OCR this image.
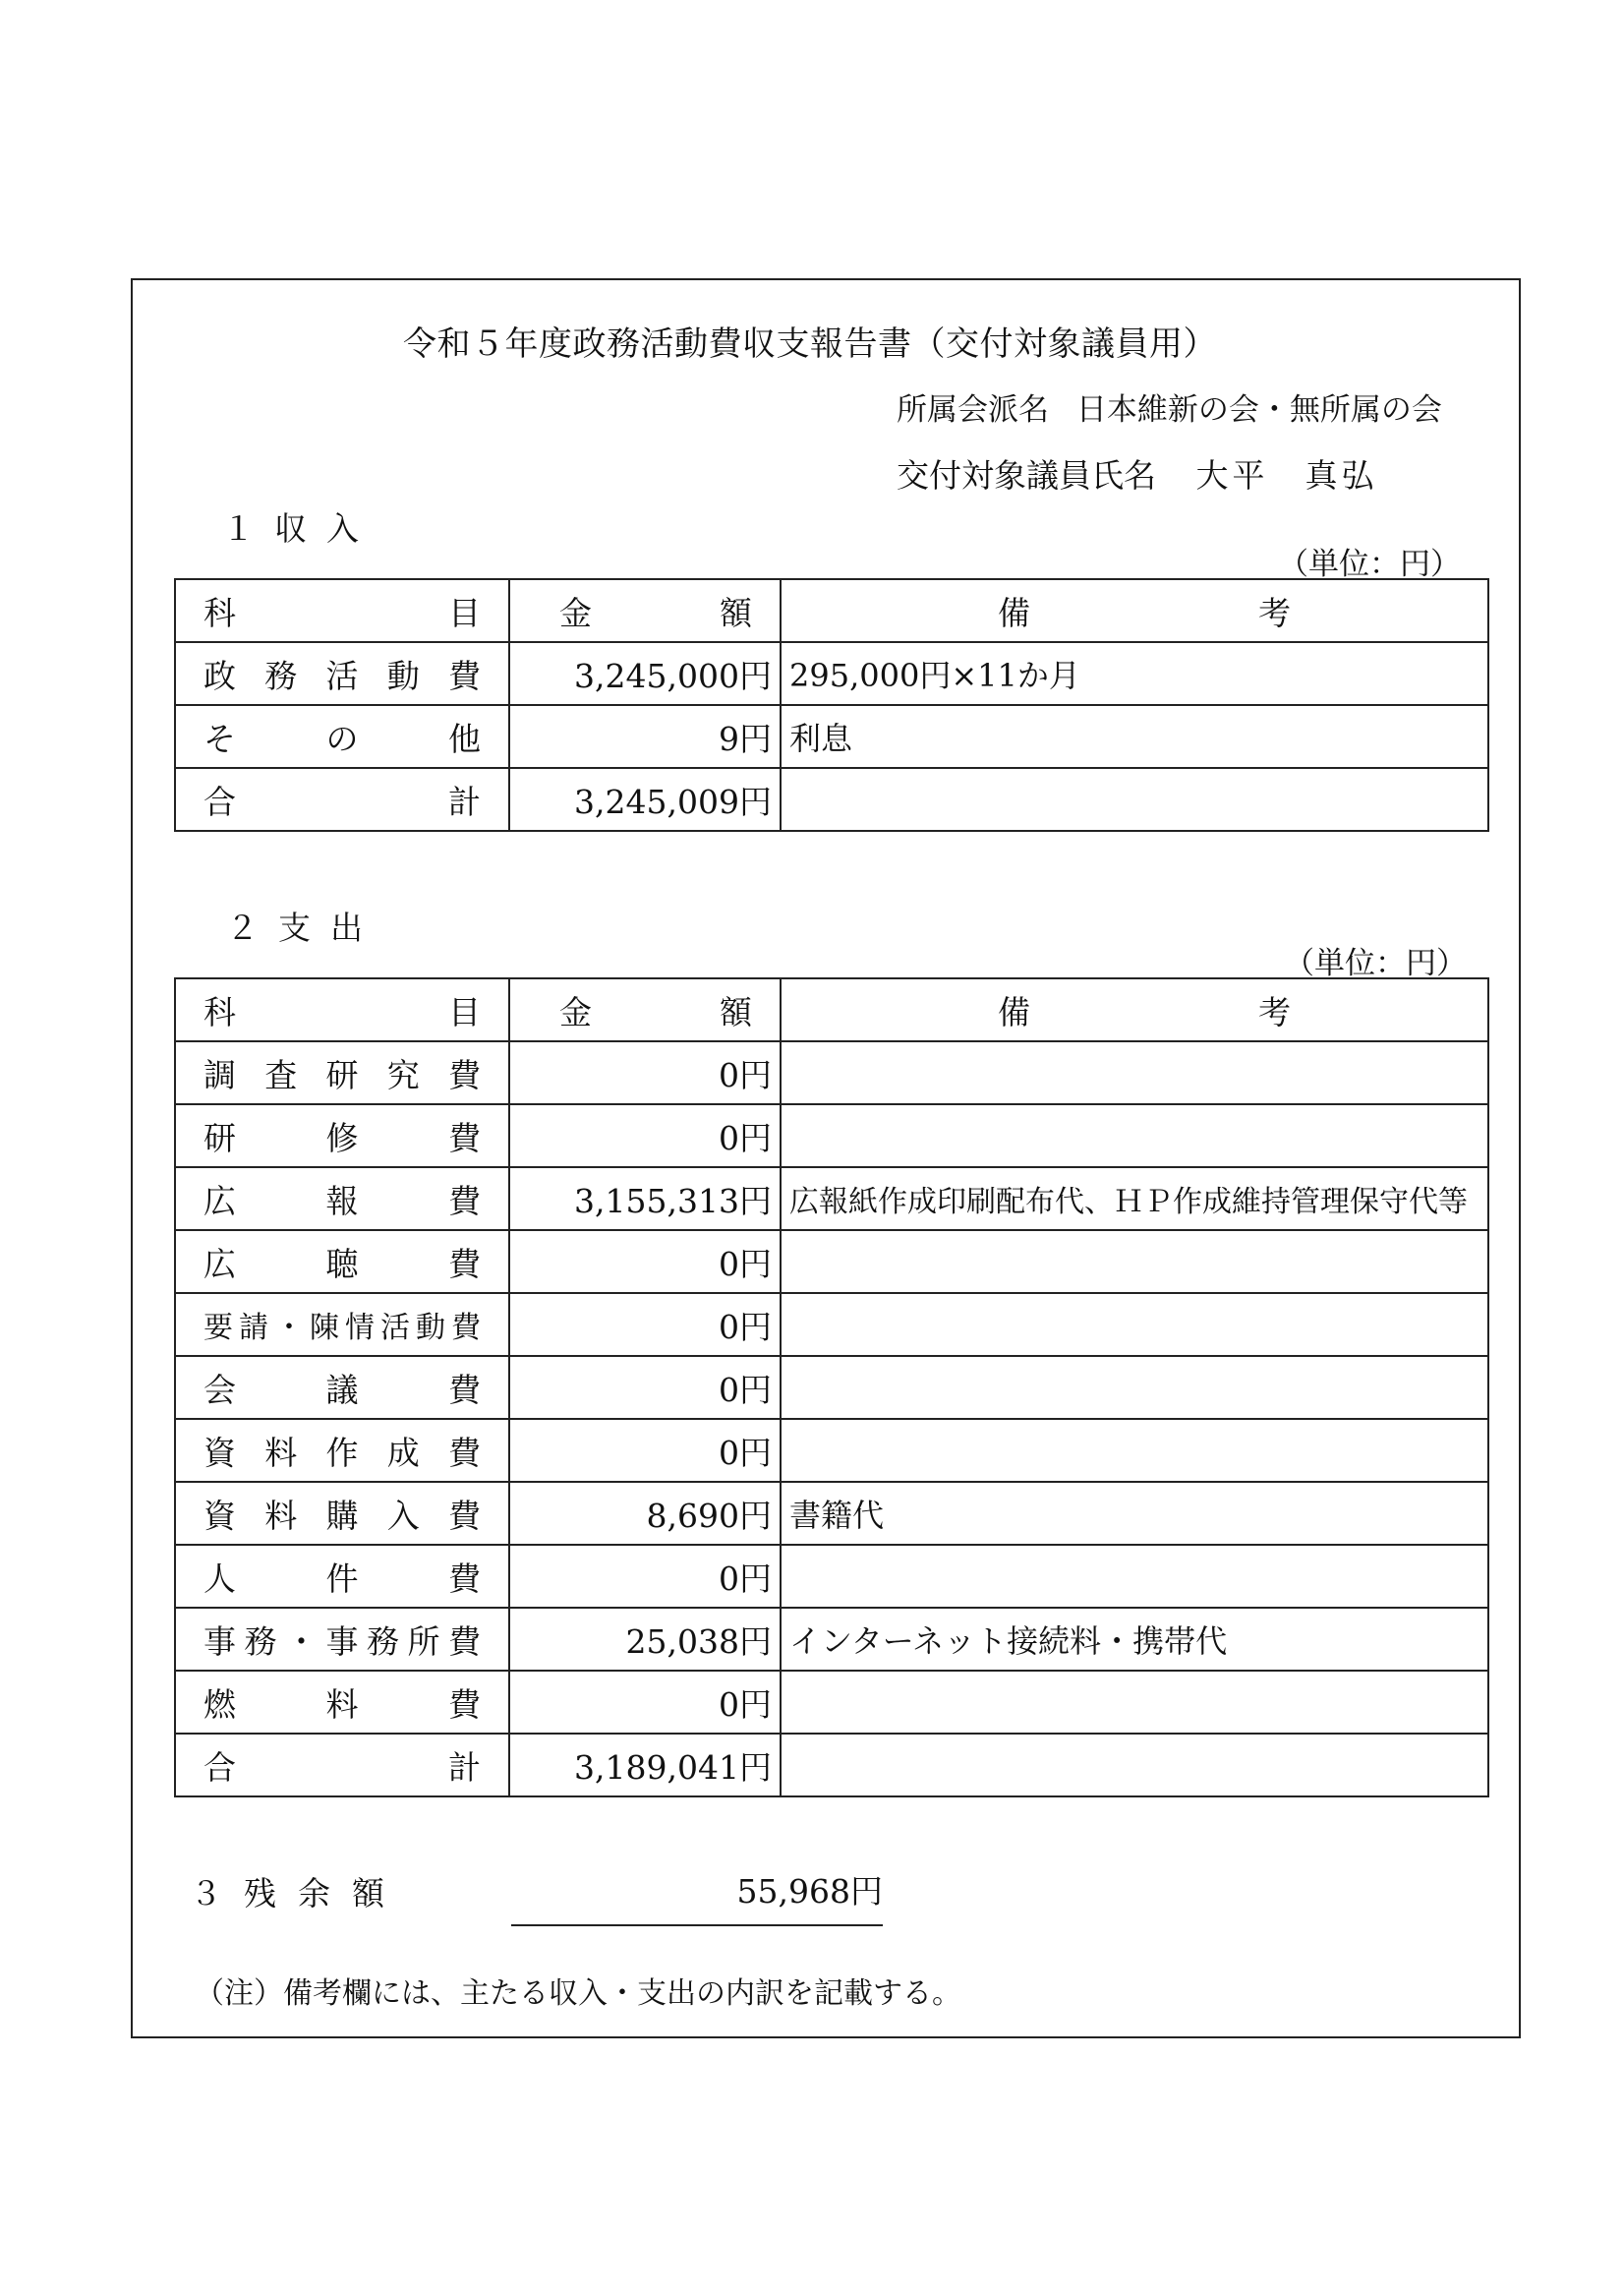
令和５年度政務活動費収支報告書（交付対象議員用）
所属会派名 日本維新の会・無所属の会
交付対象議員氏名 大平　真弘
１収入
（単位：円）
科目	金額	備考
政務活動費	3,245,000円	295,000円×11か月
その他	9円	利息
合計	3,245,009円	
２支出
（単位：円）
科目	金額	備考
調査研究費	0円	
研修費	0円	
広報費	3,155,313円	広報紙作成印刷配布代、ＨＰ作成維持管理保守代等
広聴費	0円	
要請・陳情活動費	0円	
会議費	0円	
資料作成費	0円	
資料購入費	8,690円	書籍代
人件費	0円	
事務・事務所費	25,038円	インターネット接続料・携帯代
燃料費	0円	
合計	3,189,041円	
３残余額	55,968円
（注）備考欄には、主たる収入・支出の内訳を記載する。
